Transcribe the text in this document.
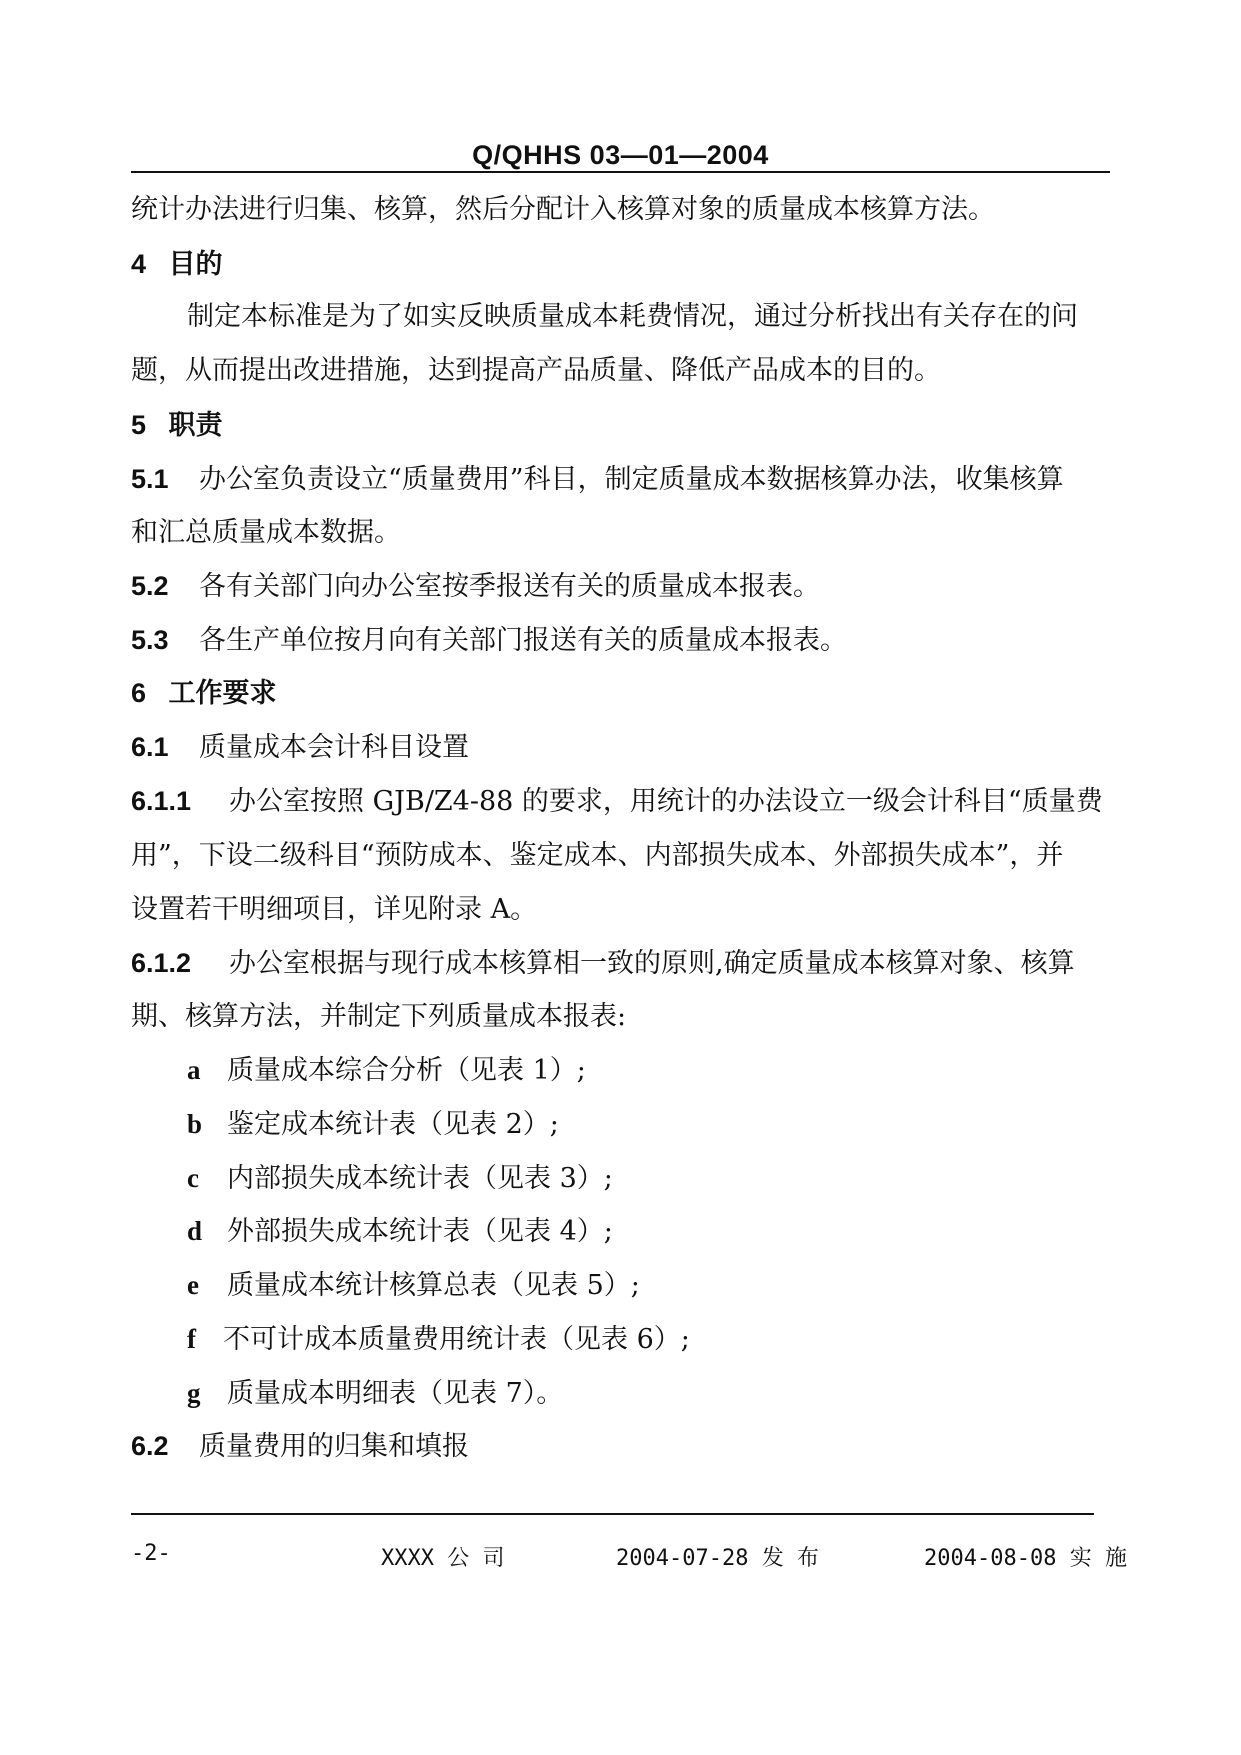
Q/QHHS 03—01—2004
统计办法进行归集、核算，然后分配计入核算对象的质量成本核算方法。
4 目的
制定本标准是为了如实反映质量成本耗费情况，通过分析找出有关存在的问
题，从而提出改进措施，达到提高产品质量、降低产品成本的目的。
5 职责
5.1 办公室负责设立“质量费用”科目，制定质量成本数据核算办法，收集核算
和汇总质量成本数据。
5.2 各有关部门向办公室按季报送有关的质量成本报表。
5.3 各生产单位按月向有关部门报送有关的质量成本报表。
6 工作要求
6.1 质量成本会计科目设置
6.1.1 办公室按照 GJB/Z4-88 的要求，用统计的办法设立一级会计科目“质量费
用”，下设二级科目“预防成本、鉴定成本、内部损失成本、外部损失成本”，并
设置若干明细项目，详见附录 A。
6.1.2 办公室根据与现行成本核算相一致的原则,确定质量成本核算对象、核算
期、核算方法，并制定下列质量成本报表:
a 质量成本综合分析（见表 1）;
b 鉴定成本统计表（见表 2）;
c 内部损失成本统计表（见表 3）;
d 外部损失成本统计表（见表 4）;
e 质量成本统计核算总表（见表 5）;
f 不可计成本质量费用统计表（见表 6）;
g 质量成本明细表（见表 7）。
6.2 质量费用的归集和填报
-2-	XXXX 公 司	2004-07-28 发 布	2004-08-08 实 施
